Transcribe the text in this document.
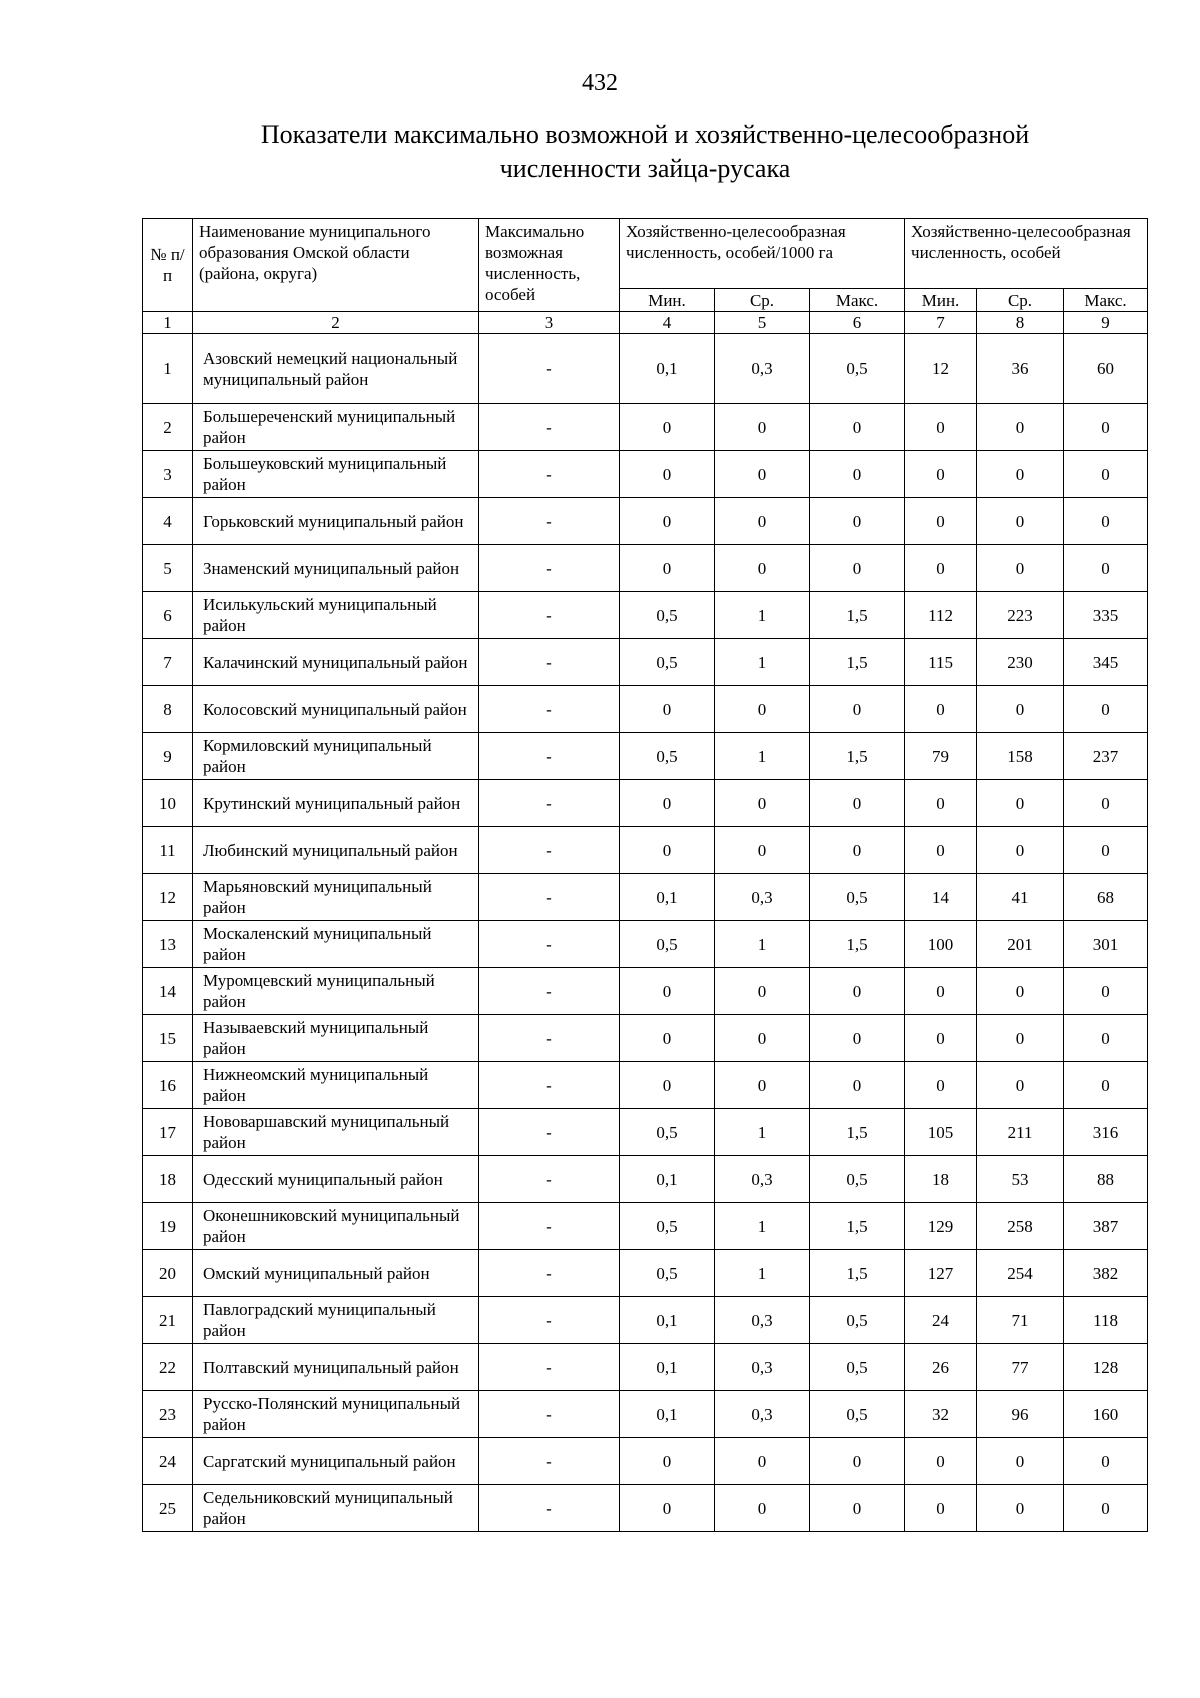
432
Показатели максимально возможной и хозяйственно-целесообразной
численности зайца-русака
№ п/п	Наименование муниципального образования Омской области (района, округа)	Максимально возможная численность, особей	Хозяйственно-целесообразная численность, особей/1000 га			Хозяйственно-целесообразная численность, особей		
			Мин.	Ср.	Макс.	Мин.	Ср.	Макс.
1	2	3	4	5	6	7	8	9
1	Азовский немецкий национальный муниципальный район	-	0,1	0,3	0,5	12	36	60
2	Большереченский муниципальный район	-	0	0	0	0	0	0
3	Большеуковский муниципальный район	-	0	0	0	0	0	0
4	Горьковский муниципальный район	-	0	0	0	0	0	0
5	Знаменский муниципальный район	-	0	0	0	0	0	0
6	Исилькульский муниципальный район	-	0,5	1	1,5	112	223	335
7	Калачинский муниципальный район	-	0,5	1	1,5	115	230	345
8	Колосовский муниципальный район	-	0	0	0	0	0	0
9	Кормиловский муниципальный район	-	0,5	1	1,5	79	158	237
10	Крутинский муниципальный район	-	0	0	0	0	0	0
11	Любинский муниципальный район	-	0	0	0	0	0	0
12	Марьяновский муниципальный район	-	0,1	0,3	0,5	14	41	68
13	Москаленский муниципальный район	-	0,5	1	1,5	100	201	301
14	Муромцевский муниципальный район	-	0	0	0	0	0	0
15	Называевский муниципальный район	-	0	0	0	0	0	0
16	Нижнеомский муниципальный район	-	0	0	0	0	0	0
17	Нововаршавский муниципальный район	-	0,5	1	1,5	105	211	316
18	Одесский муниципальный район	-	0,1	0,3	0,5	18	53	88
19	Оконешниковский муниципальный район	-	0,5	1	1,5	129	258	387
20	Омский муниципальный район	-	0,5	1	1,5	127	254	382
21	Павлоградский муниципальный район	-	0,1	0,3	0,5	24	71	118
22	Полтавский муниципальный район	-	0,1	0,3	0,5	26	77	128
23	Русско-Полянский муниципальный район	-	0,1	0,3	0,5	32	96	160
24	Саргатский муниципальный район	-	0	0	0	0	0	0
25	Седельниковский муниципальный район	-	0	0	0	0	0	0
